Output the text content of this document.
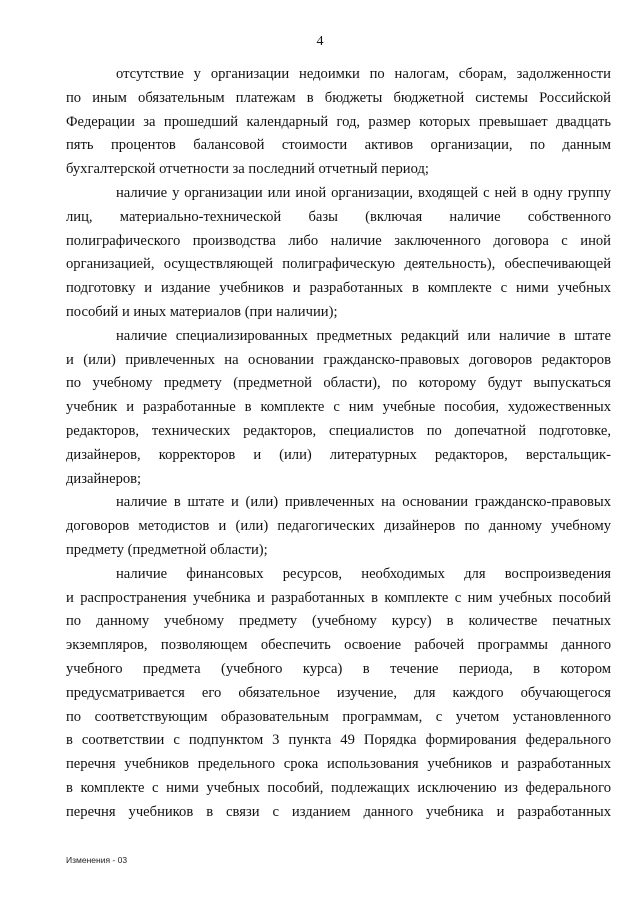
4
отсутствие у организации недоимки по налогам, сборам, задолженности
по иным обязательным платежам в бюджеты бюджетной системы Российской
Федерации за прошедший календарный год, размер которых превышает двадцать
пять процентов балансовой стоимости активов организации, по данным
бухгалтерской отчетности за последний отчетный период;
наличие у организации или иной организации, входящей с ней в одну группу
лиц, материально-технической базы (включая наличие собственного
полиграфического производства либо наличие заключенного договора с иной
организацией, осуществляющей полиграфическую деятельность), обеспечивающей
подготовку и издание учебников и разработанных в комплекте с ними учебных
пособий и иных материалов (при наличии);
наличие специализированных предметных редакций или наличие в штате
и (или) привлеченных на основании гражданско-правовых договоров редакторов
по учебному предмету (предметной области), по которому будут выпускаться
учебник и разработанные в комплекте с ним учебные пособия, художественных
редакторов, технических редакторов, специалистов по допечатной подготовке,
дизайнеров, корректоров и (или) литературных редакторов, верстальщик-
дизайнеров;
наличие в штате и (или) привлеченных на основании гражданско-правовых
договоров методистов и (или) педагогических дизайнеров по данному учебному
предмету (предметной области);
наличие финансовых ресурсов, необходимых для воспроизведения
и распространения учебника и разработанных в комплекте с ним учебных пособий
по данному учебному предмету (учебному курсу) в количестве печатных
экземпляров, позволяющем обеспечить освоение рабочей программы данного
учебного предмета (учебного курса) в течение периода, в котором
предусматривается его обязательное изучение, для каждого обучающегося
по соответствующим образовательным программам, с учетом установленного
в соответствии с подпунктом 3 пункта 49 Порядка формирования федерального
перечня учебников предельного срока использования учебников и разработанных
в комплекте с ними учебных пособий, подлежащих исключению из федерального
перечня учебников в связи с изданием данного учебника и разработанных
Изменения - 03
